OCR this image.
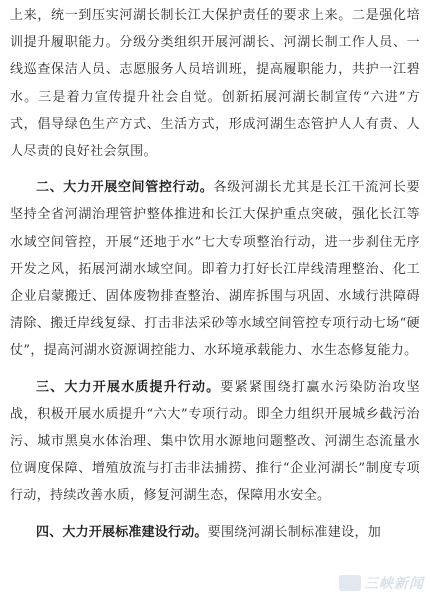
上来，统一到压实河湖长制长江大保护责任的要求上来。二是强化培训提升履职能力。分级分类组织开展河湖长、河湖长制工作人员、一线巡查保洁人员、志愿服务人员培训班，提高履职能力，共护一江碧水。三是着力宣传提升社会自觉。创新拓展河湖长制宣传“六进”方式，倡导绿色生产方式、生活方式，形成河湖生态管护人人有责、人人尽责的良好社会氛围。

二、大力开展空间管控行动。各级河湖长尤其是长江干流河长要坚持全省河湖治理管护整体推进和长江大保护重点突破，强化长江等水域空间管控，开展“还地于水”七大专项整治行动，进一步刹住无序开发之风，拓展河湖水域空间。即着力打好长江岸线清理整治、化工企业启蒙搬迁、固体废物排查整治、湖库拆围与巩固、水域行洪障碍清除、搬迁岸线复绿、打击非法采砂等水域空间管控专项行动七场“硬仗”，提高河湖水资源调控能力、水环境承载能力、水生态修复能力。

三、大力开展水质提升行动。要紧紧围绕打赢水污染防治攻坚战，积极开展水质提升“六大”专项行动。即全力组织开展城乡截污治污、城市黑臭水体治理、集中饮用水源地问题整改、河湖生态流量水位调度保障、增殖放流与打击非法捕捞、推行“企业河湖长”制度专项行动，持续改善水质，修复河湖生态，保障用水安全。

四、大力开展标准建设行动。要围绕河湖长制标准建设，加

三峡新闻
